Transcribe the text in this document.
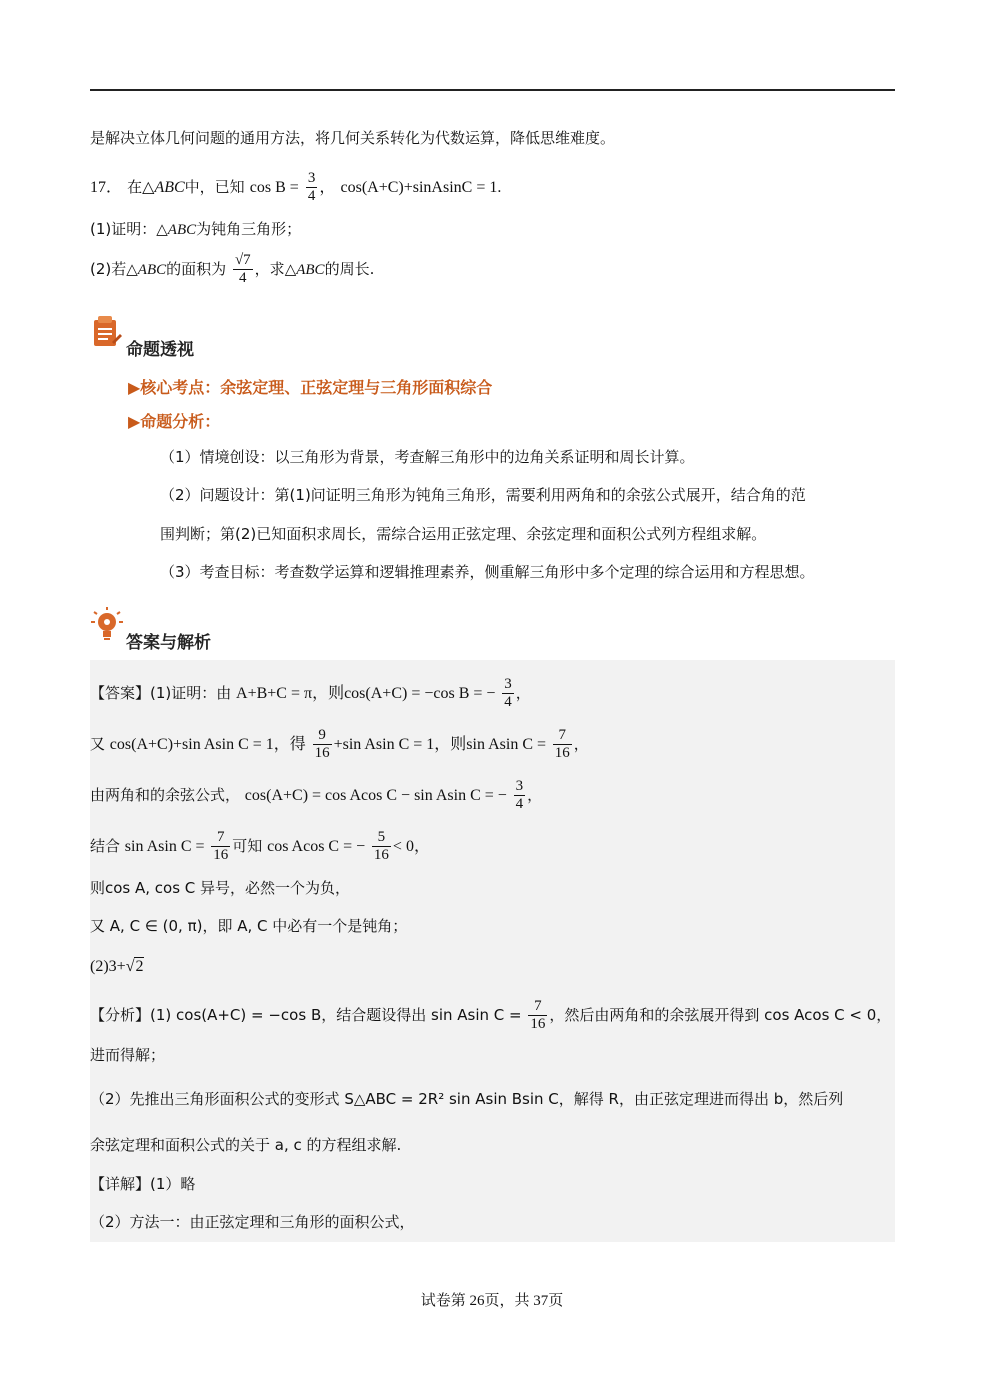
是解决立体几何问题的通用方法，将几何关系转化为代数运算，降低思维难度。
17． 在△ABC中，已知 $\cos B = \frac{3}{4}$ ， cos(A+C)+sinAsinC = 1.
(1)证明：△ABC为钝角三角形；
(2)若△ABC的面积为 $\frac{√7}{4}$ ，求△ABC的周长.
命题透视
▶核心考点：余弦定理、正弦定理与三角形面积综合
▶命题分析：
（1）情境创设：以三角形为背景，考查解三角形中的边角关系证明和周长计算。
（2）问题设计：第(1)问证明三角形为钝角三角形，需要利用两角和的余弦公式展开，结合角的范
围判断；第(2)已知面积求周长，需综合运用正弦定理、余弦定理和面积公式列方程组求解。
（3）考查目标：考查数学运算和逻辑推理素养，侧重解三角形中多个定理的综合运用和方程思想。
答案与解析
【答案】(1)证明：由 A+B+C = π，则cos(A+C) = −cos B = − $\frac{3}{4}$ ，
又 cos(A+C)+sin Asin C = 1，得 $\frac{9}{16} +\sin$ Asin C = 1，则sin Asin $C = \frac{7}{16}$ ，
由两角和的余弦公式， cos(A+C) = cos Acos C − sin Asin C = − $\frac{3}{4}$ ，
结合 sin Asin $C = \frac{7}{16}$ 可知 cos Acos C = − $\frac{5}{16} < 0$，
则cos A, cos C 异号，必然一个为负，
又 A, C ∈ (0, π)，即 A, C 中必有一个是钝角；
(2)3+√2
【分析】(1) cos(A+C) = −cos B，结合题设得出 sin Asin $C = \frac{7}{16}$ ，然后由两角和的余弦展开得到 cos Acos C < 0，
进而得解；
（2）先推出三角形面积公式的变形式 S△ABC = 2R² sin Asin Bsin C，解得 R，由正弦定理进而得出 b，然后列
余弦定理和面积公式的关于 a, c 的方程组求解.
【详解】(1）略
（2）方法一：由正弦定理和三角形的面积公式，
试卷第 26页，共 37页
